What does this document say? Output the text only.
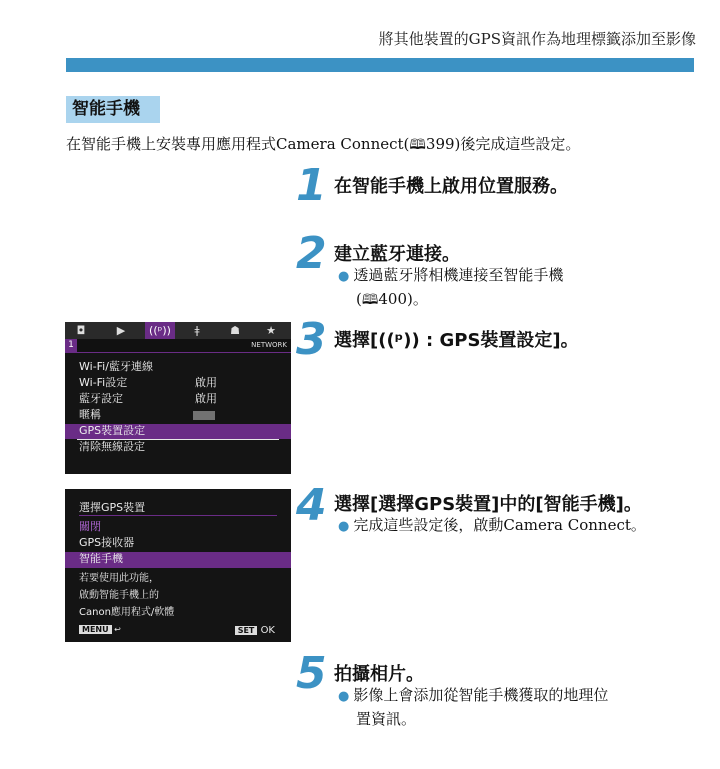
將其他裝置的GPS資訊作為地理標籤添加至影像
智能手機
在智能手機上安裝專用應用程式Camera Connect(🕮399)後完成這些設定。
1 在智能手機上啟用位置服務。
2 建立藍牙連接。
● 透過藍牙將相機連接至智能手機
(🕮400)。
3 選擇[((ᵖ)) : GPS裝置設定]。
4 選擇[選擇GPS裝置]中的[智能手機]。
● 完成這些設定後，啟動Camera Connect。
5 拍攝相片。
● 影像上會添加從智能手機獲取的地理位
置資訊。
◘	▶	((ᵖ))	ǂ	☗	★
1	NETWORK
Wi-Fi/藍牙連線
Wi-Fi設定	啟用
藍牙設定	啟用
暱稱
GPS裝置設定
清除無線設定
選擇GPS裝置
關閉
GPS接收器
智能手機
若要使用此功能，
啟動智能手機上的
Canon應用程式/軟體
MENU ↩	SET OK
